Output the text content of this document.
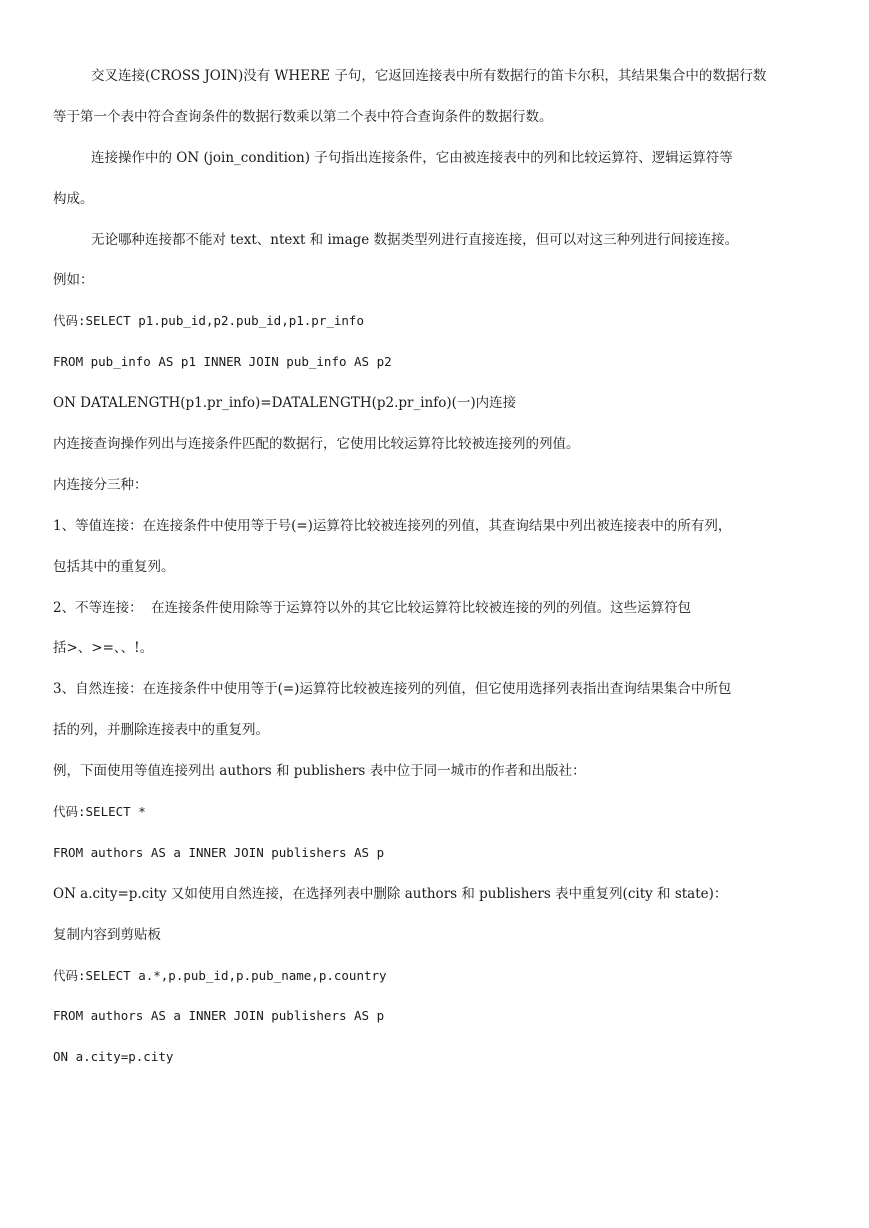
交叉连接(CROSS JOIN)没有 WHERE 子句，它返回连接表中所有数据行的笛卡尔积，其结果集合中的数据行数
等于第一个表中符合查询条件的数据行数乘以第二个表中符合查询条件的数据行数。
连接操作中的 ON (join_condition) 子句指出连接条件，它由被连接表中的列和比较运算符、逻辑运算符等
构成。
无论哪种连接都不能对 text、ntext 和 image 数据类型列进行直接连接，但可以对这三种列进行间接连接。
例如：
代码:SELECT p1.pub_id,p2.pub_id,p1.pr_info
FROM pub_info AS p1 INNER JOIN pub_info AS p2
ON DATALENGTH(p1.pr_info)=DATALENGTH(p2.pr_info)(一)内连接
内连接查询操作列出与连接条件匹配的数据行，它使用比较运算符比较被连接列的列值。
内连接分三种：
1、等值连接：在连接条件中使用等于号(=)运算符比较被连接列的列值，其查询结果中列出被连接表中的所有列，
包括其中的重复列。
2、不等连接：  在连接条件使用除等于运算符以外的其它比较运算符比较被连接的列的列值。这些运算符包
括>、>=、、!。
3、自然连接：在连接条件中使用等于(=)运算符比较被连接列的列值，但它使用选择列表指出查询结果集合中所包
括的列，并删除连接表中的重复列。
例，下面使用等值连接列出 authors 和 publishers 表中位于同一城市的作者和出版社：
代码:SELECT *
FROM authors AS a INNER JOIN publishers AS p
ON a.city=p.city 又如使用自然连接，在选择列表中删除 authors 和 publishers 表中重复列(city 和 state)：
复制内容到剪贴板
代码:SELECT a.*,p.pub_id,p.pub_name,p.country
FROM authors AS a INNER JOIN publishers AS p
ON a.city=p.city
